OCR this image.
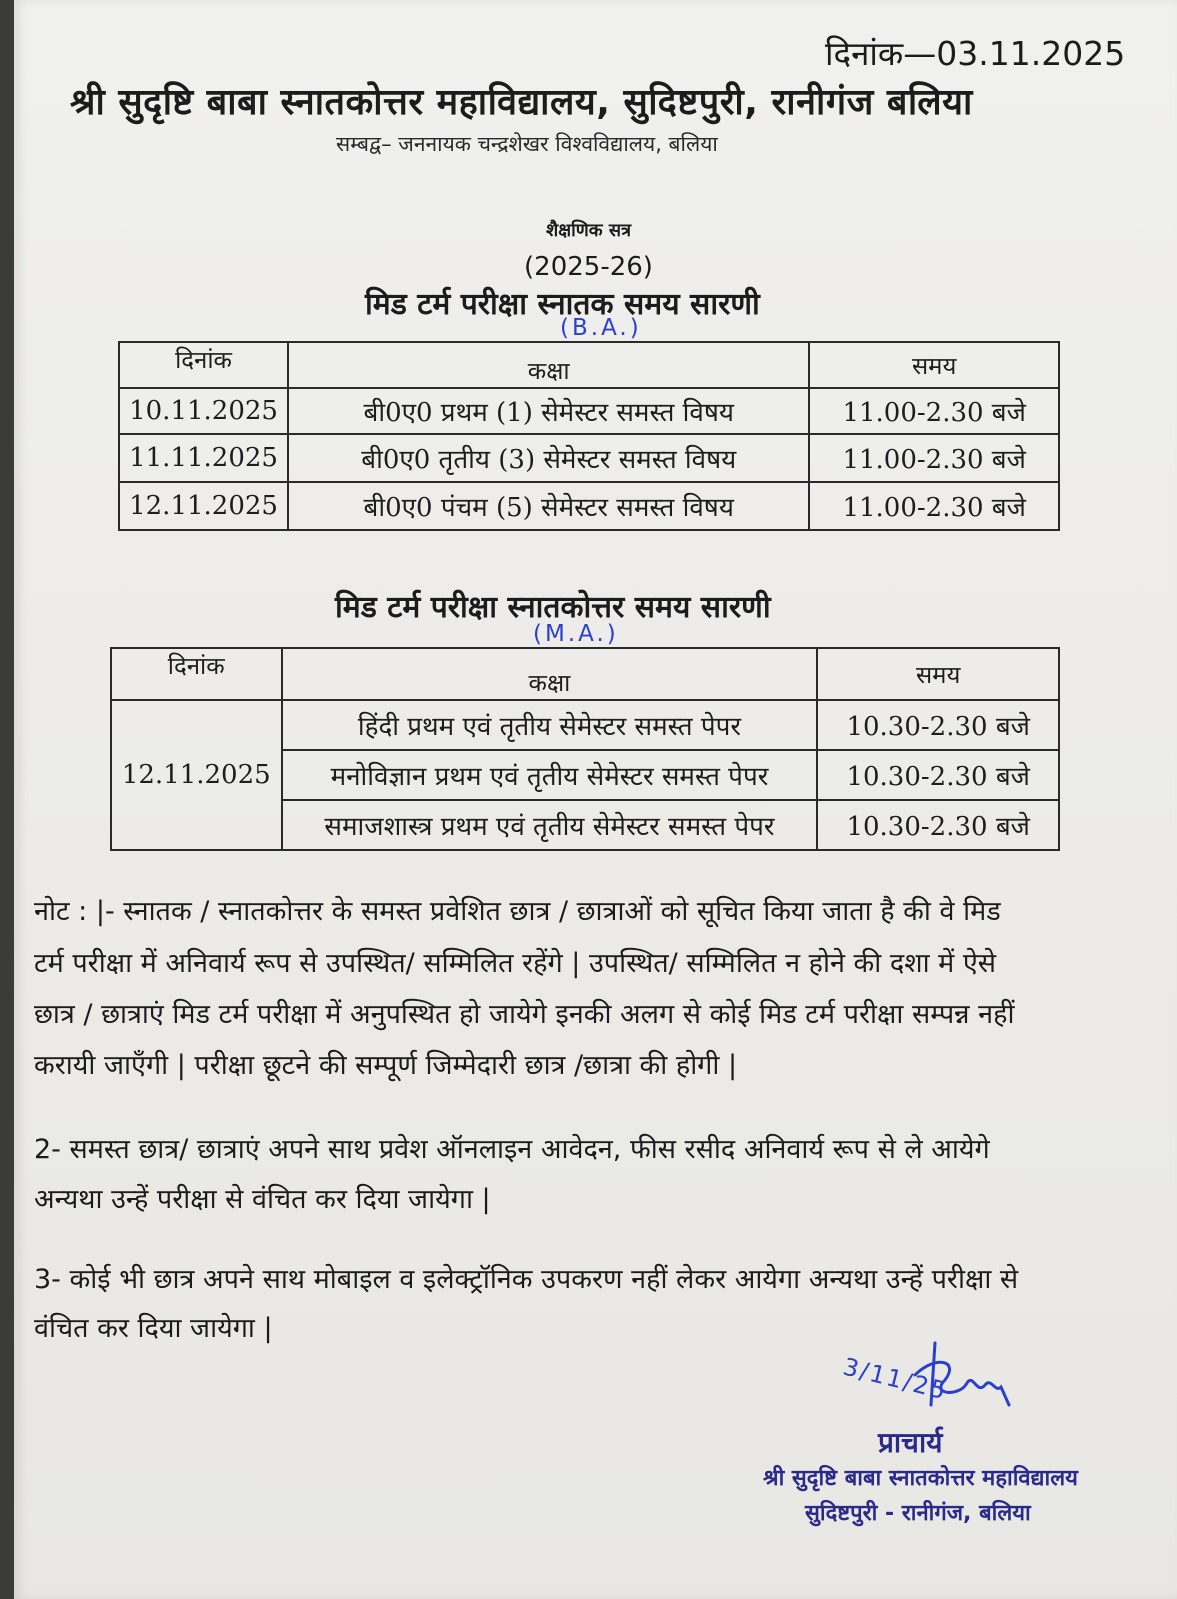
दिनांक—03.11.2025
श्री सुदृष्टि बाबा स्नातकोत्तर महाविद्यालय, सुदिष्टपुरी, रानीगंज बलिया
सम्बद्व– जननायक चन्द्रशेखर विश्वविद्यालय, बलिया
शैक्षणिक सत्र
(2025-26)
मिड टर्म परीक्षा स्नातक समय सारणी
(B.A.)
दिनांक	कक्षा	समय
10.11.2025	बी0ए0 प्रथम (1) सेमेस्टर समस्त विषय	11.00-2.30 बजे
11.11.2025	बी0ए0 तृतीय (3) सेमेस्टर समस्त विषय	11.00-2.30 बजे
12.11.2025	बी0ए0 पंचम (5) सेमेस्टर समस्त विषय	11.00-2.30 बजे
मिड टर्म परीक्षा स्नातकोत्तर समय सारणी
(M.A.)
दिनांक	कक्षा	समय
12.11.2025	हिंदी प्रथम एवं तृतीय सेमेस्टर समस्त पेपर	10.30-2.30 बजे
	मनोविज्ञान प्रथम एवं तृतीय सेमेस्टर समस्त पेपर	10.30-2.30 बजे
	समाजशास्त्र प्रथम एवं तृतीय सेमेस्टर समस्त पेपर	10.30-2.30 बजे
नोट : |- स्नातक / स्नातकोत्तर के समस्त प्रवेशित छात्र / छात्राओं को सूचित किया जाता है की वे मिड
टर्म परीक्षा में अनिवार्य रूप से उपस्थित/ सम्मिलित रहेंगे | उपस्थित/ सम्मिलित न होने की दशा में ऐसे
छात्र / छात्राएं मिड टर्म परीक्षा में अनुपस्थित हो जायेगे इनकी अलग से कोई मिड टर्म परीक्षा सम्पन्न नहीं
करायी जाएँगी | परीक्षा छूटने की सम्पूर्ण जिम्मेदारी छात्र /छात्रा की होगी |
2- समस्त छात्र/ छात्राएं अपने साथ प्रवेश ऑनलाइन आवेदन, फीस रसीद अनिवार्य रूप से ले आयेगे
अन्यथा उन्हें परीक्षा से वंचित कर दिया जायेगा |
3- कोई भी छात्र अपने साथ मोबाइल व इलेक्ट्रॉनिक उपकरण नहीं लेकर आयेगा अन्यथा उन्हें परीक्षा से
वंचित कर दिया जायेगा |
3/11/25
प्राचार्य
श्री सुदृष्टि बाबा स्नातकोत्तर महाविद्यालय
सुदिष्टपुरी - रानीगंज, बलिया
